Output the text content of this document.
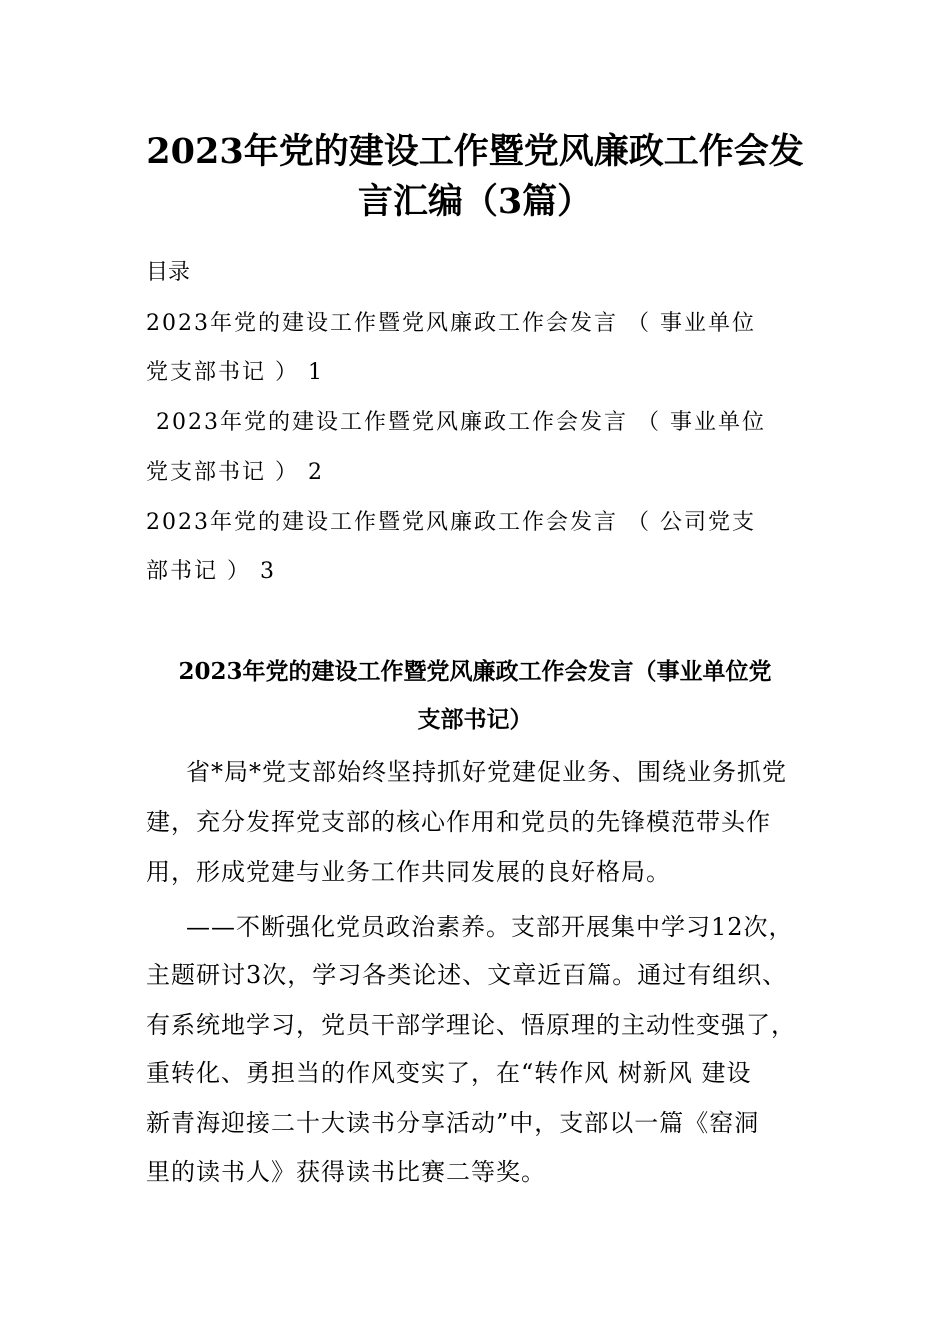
2023年党的建设工作暨党风廉政工作会发
言汇编（3篇）
目录
2023年党的建设工作暨党风廉政工作会发言 （ 事业单位
党支部书记 ） 1
2023年党的建设工作暨党风廉政工作会发言 （ 事业单位
党支部书记 ） 2
2023年党的建设工作暨党风廉政工作会发言 （ 公司党支
部书记 ） 3
2023年党的建设工作暨党风廉政工作会发言（事业单位党
支部书记）
省*局*党支部始终坚持抓好党建促业务、围绕业务抓党
建，充分发挥党支部的核心作用和党员的先锋模范带头作
用，形成党建与业务工作共同发展的良好格局。
——不断强化党员政治素养。支部开展集中学习12次，
主题研讨3次，学习各类论述、文章近百篇。通过有组织、
有系统地学习，党员干部学理论、悟原理的主动性变强了，
重转化、勇担当的作风变实了，在“转作风 树新风 建设
新青海迎接二十大读书分享活动”中，支部以一篇《窑洞
里的读书人》获得读书比赛二等奖。
